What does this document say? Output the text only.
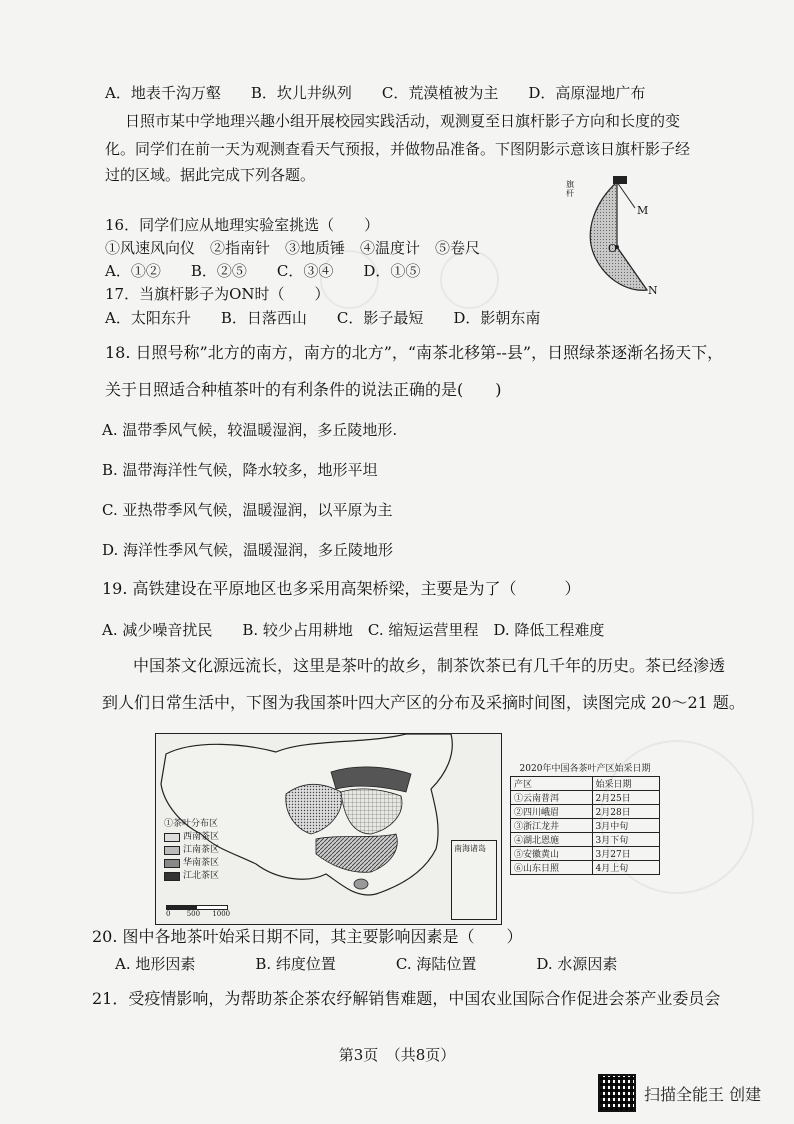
A．地表千沟万壑　　B．坎儿井纵列　　C．荒漠植被为主　　D．高原湿地广布
日照市某中学地理兴趣小组开展校园实践活动，观测夏至日旗杆影子方向和长度的变
化。同学们在前一天为观测查看天气预报，并做物品准备。下图阴影示意该日旗杆影子经
过的区域。据此完成下列各题。
旗杆
M
O
N
16．同学们应从地理实验室挑选（　　）
①风速风向仪　②指南针　③地质锤　④温度计　⑤卷尺
A．①②　　B．②⑤　　C．③④　　D．①⑤
17．当旗杆影子为ON时（　　）
A．太阳东升　　B．日落西山　　C．影子最短　　D．影朝东南
18. 日照号称”北方的南方，南方的北方”，“南茶北移第--县”，日照绿茶逐渐名扬天下，
关于日照适合种植茶叶的有利条件的说法正确的是(　　)
A. 温带季风气候，较温暖湿润，多丘陵地形.
B. 温带海洋性气候，降水较多，地形平坦
C. 亚热带季风气候，温暖湿润，以平原为主
D. 海洋性季风气候，温暖湿润，多丘陵地形
19. 高铁建设在平原地区也多采用高架桥梁，主要是为了（　　　）
A. 减少噪音扰民　　B. 较少占用耕地　C. 缩短运营里程　D. 降低工程难度
中国茶文化源远流长，这里是茶叶的故乡，制茶饮茶已有几千年的历史。茶已经渗透
到人们日常生活中，下图为我国茶叶四大产区的分布及采摘时间图，读图完成 20～21 题。
①茶叶分布区
西南茶区
江南茶区
华南茶区
江北茶区
0 500 1000
南海诸岛
2020年中国各茶叶产区始采日期
产区	始采日期
①云南普洱	2月25日
②四川峨眉	2月28日
③浙江龙井	3月中旬
④湖北恩施	3月下旬
⑤安徽黄山	3月27日
⑥山东日照	4月上旬
20. 图中各地茶叶始采日期不同，其主要影响因素是（　　）
A. 地形因素　　　　B. 纬度位置　　　　C. 海陆位置　　　　D. 水源因素
21．受疫情影响，为帮助茶企茶农纾解销售难题，中国农业国际合作促进会茶产业委员会
第3页　（共8页）
扫描全能王 创建
